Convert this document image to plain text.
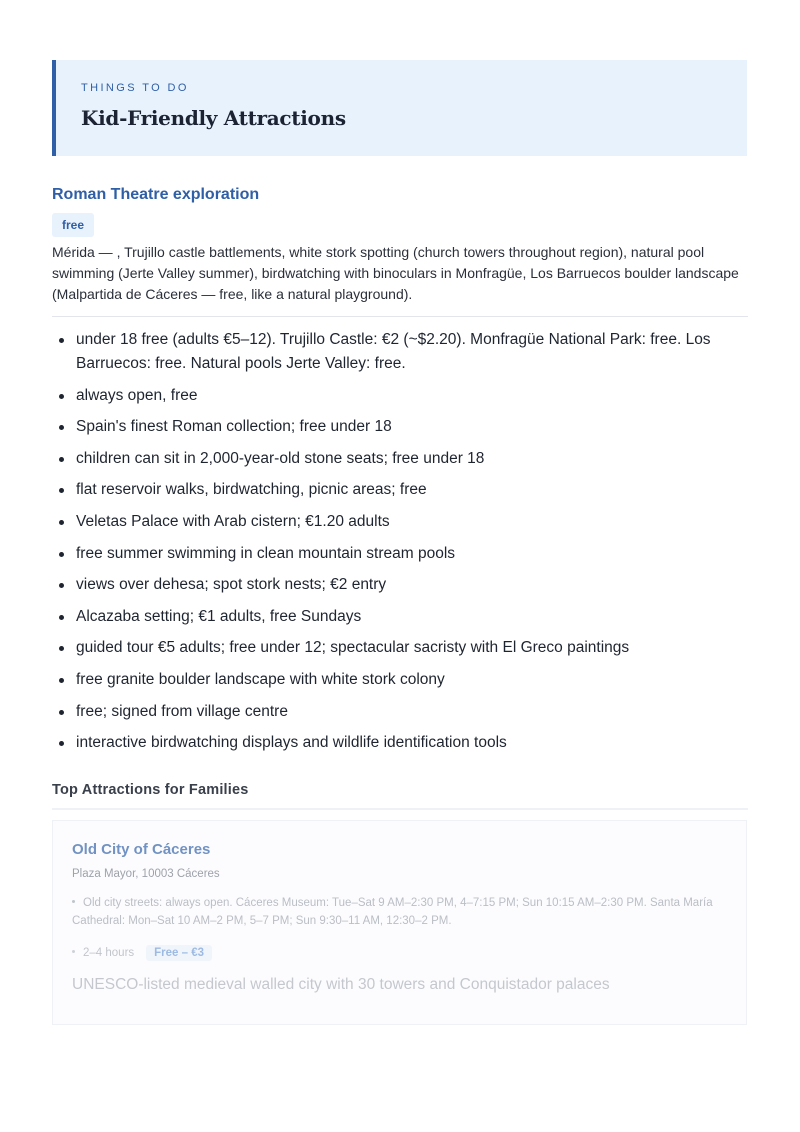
THINGS TO DO
Kid-Friendly Attractions
Roman Theatre exploration
free
Mérida — , Trujillo castle battlements, white stork spotting (church towers throughout region), natural pool swimming (Jerte Valley summer), birdwatching with binoculars in Monfragüe, Los Barruecos boulder landscape (Malpartida de Cáceres — free, like a natural playground).
under 18 free (adults €5–12). Trujillo Castle: €2 (~$2.20). Monfragüe National Park: free. Los Barruecos: free. Natural pools Jerte Valley: free.
always open, free
Spain's finest Roman collection; free under 18
children can sit in 2,000-year-old stone seats; free under 18
flat reservoir walks, birdwatching, picnic areas; free
Veletas Palace with Arab cistern; €1.20 adults
free summer swimming in clean mountain stream pools
views over dehesa; spot stork nests; €2 entry
Alcazaba setting; €1 adults, free Sundays
guided tour €5 adults; free under 12; spectacular sacristy with El Greco paintings
free granite boulder landscape with white stork colony
free; signed from village centre
interactive birdwatching displays and wildlife identification tools
Top Attractions for Families
Old City of Cáceres
Plaza Mayor, 10003 Cáceres
Old city streets: always open. Cáceres Museum: Tue–Sat 9 AM–2:30 PM, 4–7:15 PM; Sun 10:15 AM–2:30 PM. Santa María Cathedral: Mon–Sat 10 AM–2 PM, 5–7 PM; Sun 9:30–11 AM, 12:30–2 PM.
2–4 hours Free – €3
UNESCO-listed medieval walled city with 30 towers and Conquistador palaces
